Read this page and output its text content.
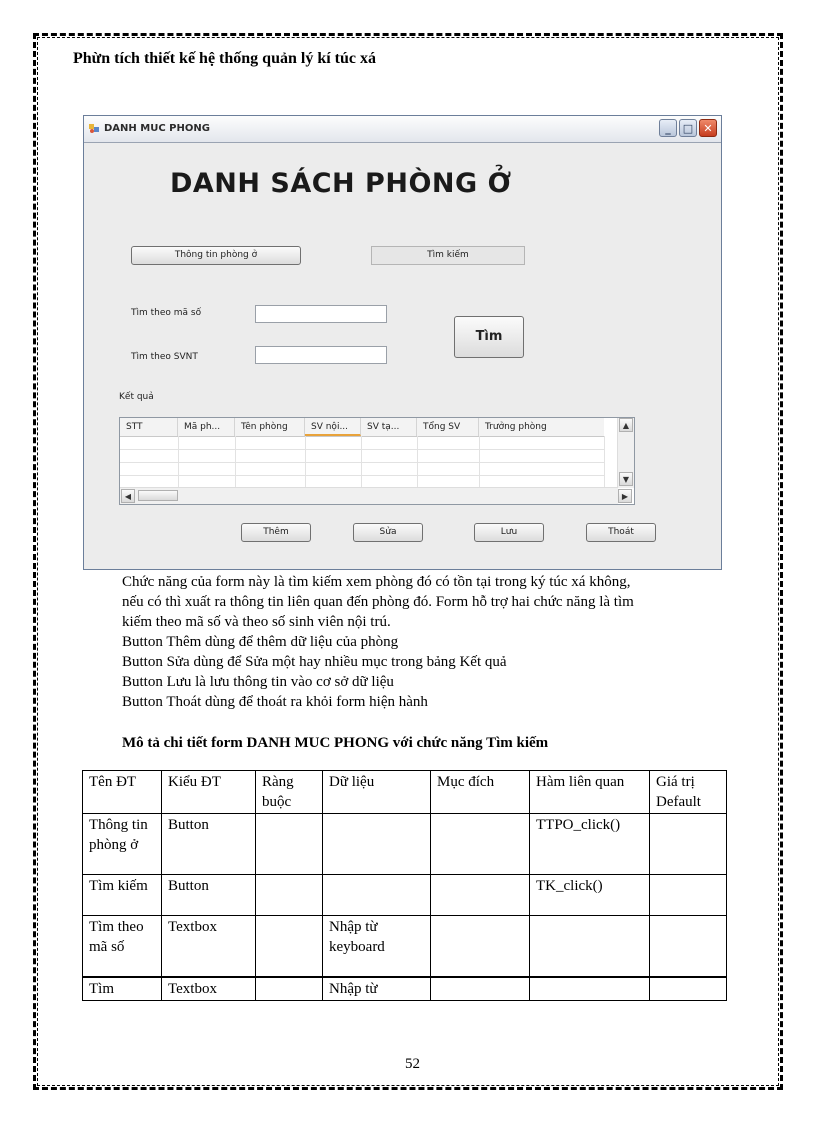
Phừn tích thiết kế hệ thống quản lý kí túc xá
DANH MUC PHONG	_	□ ✕
DANH SÁCH PHÒNG Ở
Thông tin phòng ở	Tìm kiếm
Tìm theo mã số
Tìm theo SVNT
Tìm
Kết quả
STT	Mã ph...	Tên phòng	SV nội...	SV tạ...	Tổng SV	Trưởng phòng	▲
▼
◀	▶
Thêm	Sửa	Lưu	Thoát
Chức năng của form này là tìm kiếm xem phòng đó có tồn tại trong ký túc xá không,
nếu có thì xuất ra thông tin liên quan đến phòng đó. Form hỗ trợ hai chức năng là tìm
kiếm theo mã số và theo số sinh viên nội trú.
Button Thêm dùng để thêm dữ liệu của phòng
Button Sửa dùng để Sửa một hay nhiều mục trong bảng Kết quả
Button Lưu là lưu thông tin vào cơ sở dữ liệu
Button Thoát dùng để thoát ra khỏi form hiện hành
Mô tả chi tiết form DANH MUC PHONG với chức năng Tìm kiếm
Tên ĐT	Kiểu ĐT	Ràng buộc	Dữ liệu	Mục đích	Hàm liên quan	Giá trị Default
Thông tin phòng ở	Button				TTPO_click()	
Tìm kiếm	Button				TK_click()	
Tìm theo mã số	Textbox		Nhập từ keyboard			
Tìm	Textbox		Nhập từ			
52
